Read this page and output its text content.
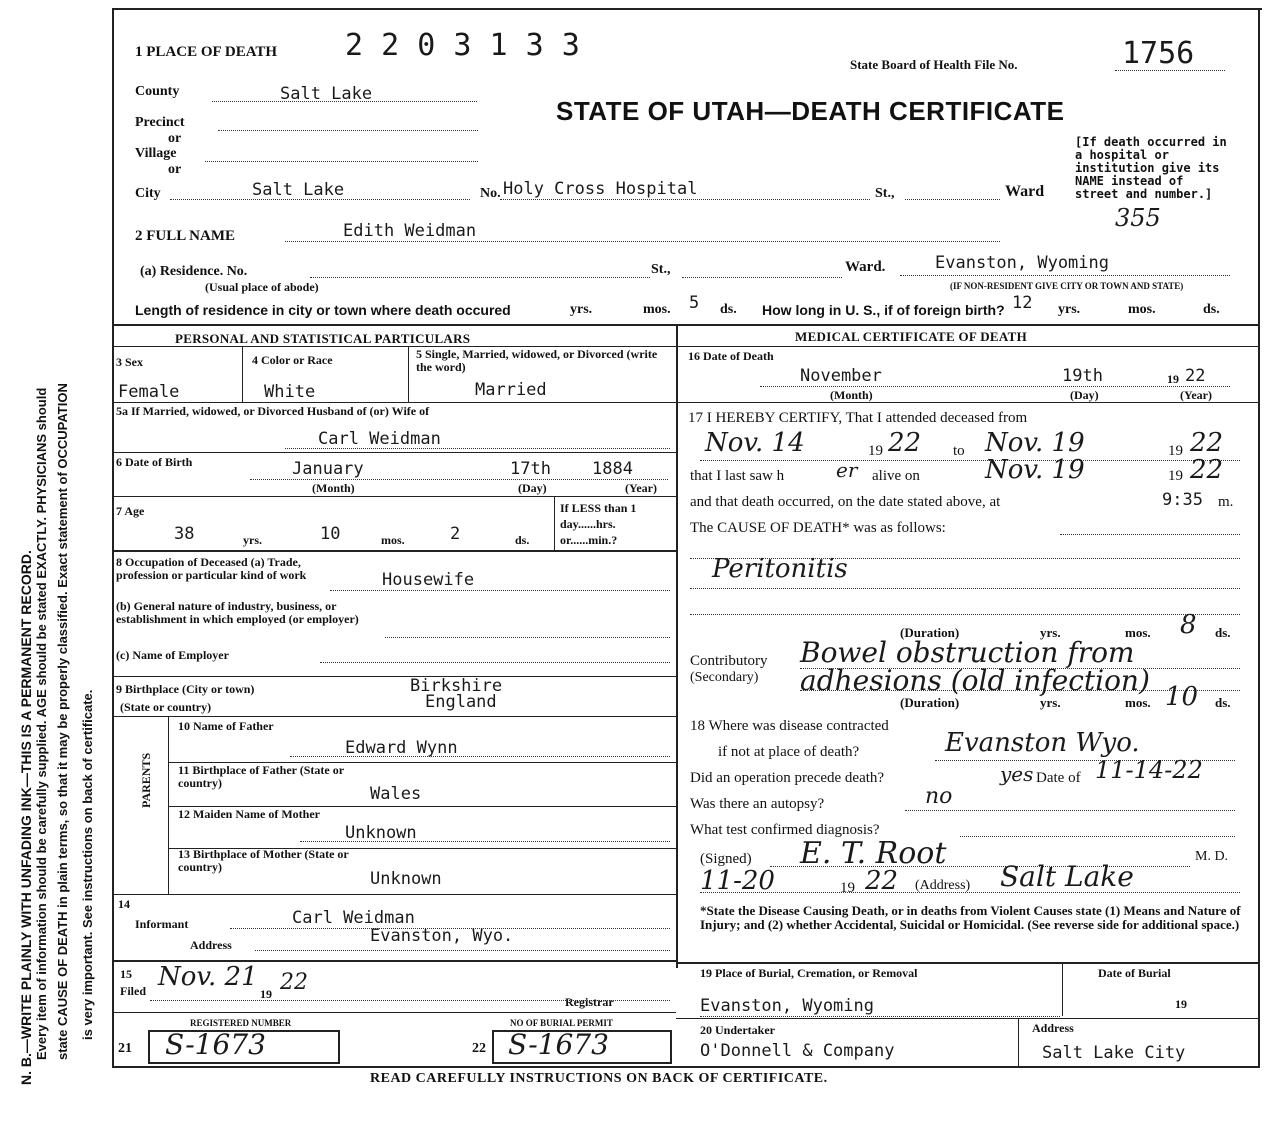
N. B.—WRITE PLAINLY WITH UNFADING INK—THIS IS A PERMANENT RECORD. Every item of information should be carefully supplied. AGE should be stated EXACTLY. PHYSICIANS should state CAUSE OF DEATH in plain terms, so that it may be properly classified. Exact statement of OCCUPATION is very important. See instructions on back of certificate.
1 PLACE OF DEATH 2 2 0 3 1 3 3
State Board of Health File No.	1756
STATE OF UTAH—DEATH CERTIFICATE
[If death occurred in a hospital or institution give its NAME instead of street and number.]
355
County	Salt Lake
Precinct
or
Village
or
City	Salt Lake	No. Holy Cross Hospital	St.,	Ward
2 FULL NAME	Edith Weidman
(a) Residence. No.
(Usual place of abode)
St.,	Ward.	Evanston, Wyoming
(IF NON-RESIDENT GIVE CITY OR TOWN AND STATE)
Length of residence in city or town where death occured	yrs.	mos. 5 ds. How long in U. S., if of foreign birth? 12 yrs.	mos.	ds.
PERSONAL AND STATISTICAL PARTICULARS
3 Sex
Female
4 Color or Race
White
5 Single, Married, widowed, or Divorced (write the word)
Married
5a If Married, widowed, or Divorced Husband of (or) Wife of
Carl Weidman
6 Date of Birth	January	17th 1884
(Month)	(Day)	(Year)
7 Age
38	yrs.	10	mos.	2	ds.
If LESS than 1 day......hrs. or......min.?
8 Occupation of Deceased (a) Trade, profession or particular kind of work	Housewife
(b) General nature of industry, business, or establishment in which employed (or employer)
(c) Name of Employer
9 Birthplace (City or town)
(State or country)
Birkshire
England
PARENTS
10 Name of Father
Edward Wynn
11 Birthplace of Father (State or country)
Wales
12 Maiden Name of Mother
Unknown
13 Birthplace of Mother (State or country)
Unknown
14
Informant	Carl Weidman
Address	Evanston, Wyo.
15
Filed Nov. 21
19 22
Registrar
REGISTERED NUMBER
21 S-1673
NO OF BURIAL PERMIT
22 S-1673
MEDICAL CERTIFICATE OF DEATH
16 Date of Death
November	19th	19 22
(Month)	(Day)	(Year)
17 I HEREBY CERTIFY, That I attended deceased from
Nov. 14	19 22 to Nov. 19	19 22
that I last saw h	er alive on	Nov. 19	19 22
and that death occurred, on the date stated above, at	9:35 m.
The CAUSE OF DEATH* was as follows:
Peritonitis
(Duration)	yrs.	mos. 8 ds.
Contributory
(Secondary)
Bowel obstruction from
adhesions (old infection)
(Duration)	yrs.	mos. 10 ds.
18 Where was disease contracted
if not at place of death?	Evanston Wyo.
Did an operation precede death?	yes Date of 11-14-22
Was there an autopsy?	no
What test confirmed diagnosis?
(Signed) E. T. Root	M. D.
11-20	19 22 (Address) Salt Lake
*State the Disease Causing Death, or in deaths from Violent Causes state (1) Means and Nature of Injury; and (2) whether Accidental, Suicidal or Homicidal. (See reverse side for additional space.)
19 Place of Burial, Cremation, or Removal
Evanston, Wyoming
Date of Burial
19
20 Undertaker
O'Donnell & Company
Address
Salt Lake City
READ CAREFULLY INSTRUCTIONS ON BACK OF CERTIFICATE.
